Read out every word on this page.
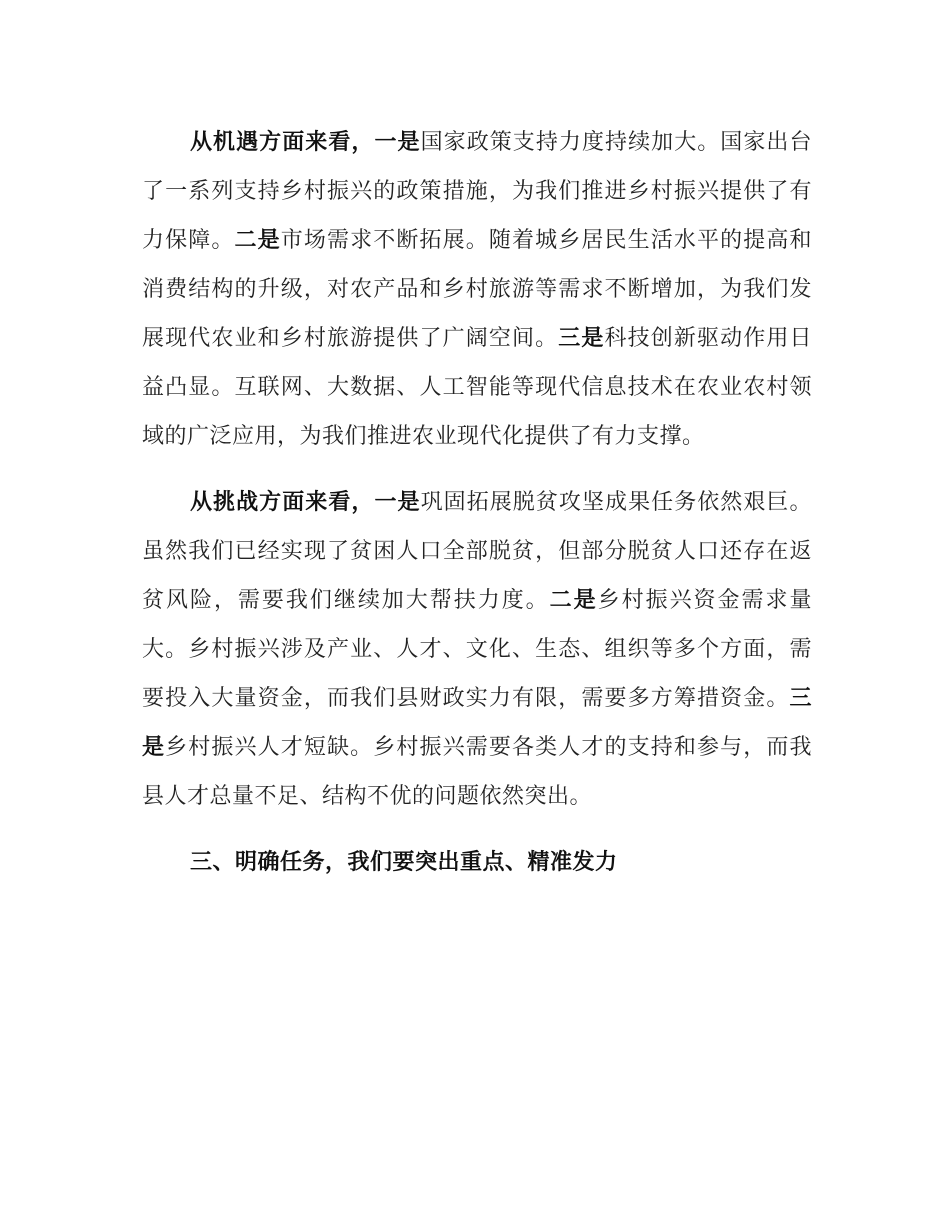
从机遇方面来看，一是国家政策支持力度持续加大。国家出台了一系列支持乡村振兴的政策措施，为我们推进乡村振兴提供了有力保障。二是市场需求不断拓展。随着城乡居民生活水平的提高和消费结构的升级，对农产品和乡村旅游等需求不断增加，为我们发展现代农业和乡村旅游提供了广阔空间。三是科技创新驱动作用日益凸显。互联网、大数据、人工智能等现代信息技术在农业农村领域的广泛应用，为我们推进农业现代化提供了有力支撑。

从挑战方面来看，一是巩固拓展脱贫攻坚成果任务依然艰巨。虽然我们已经实现了贫困人口全部脱贫，但部分脱贫人口还存在返贫风险，需要我们继续加大帮扶力度。二是乡村振兴资金需求量大。乡村振兴涉及产业、人才、文化、生态、组织等多个方面，需要投入大量资金，而我们县财政实力有限，需要多方筹措资金。三是乡村振兴人才短缺。乡村振兴需要各类人才的支持和参与，而我县人才总量不足、结构不优的问题依然突出。

三、明确任务，我们要突出重点、精准发力
